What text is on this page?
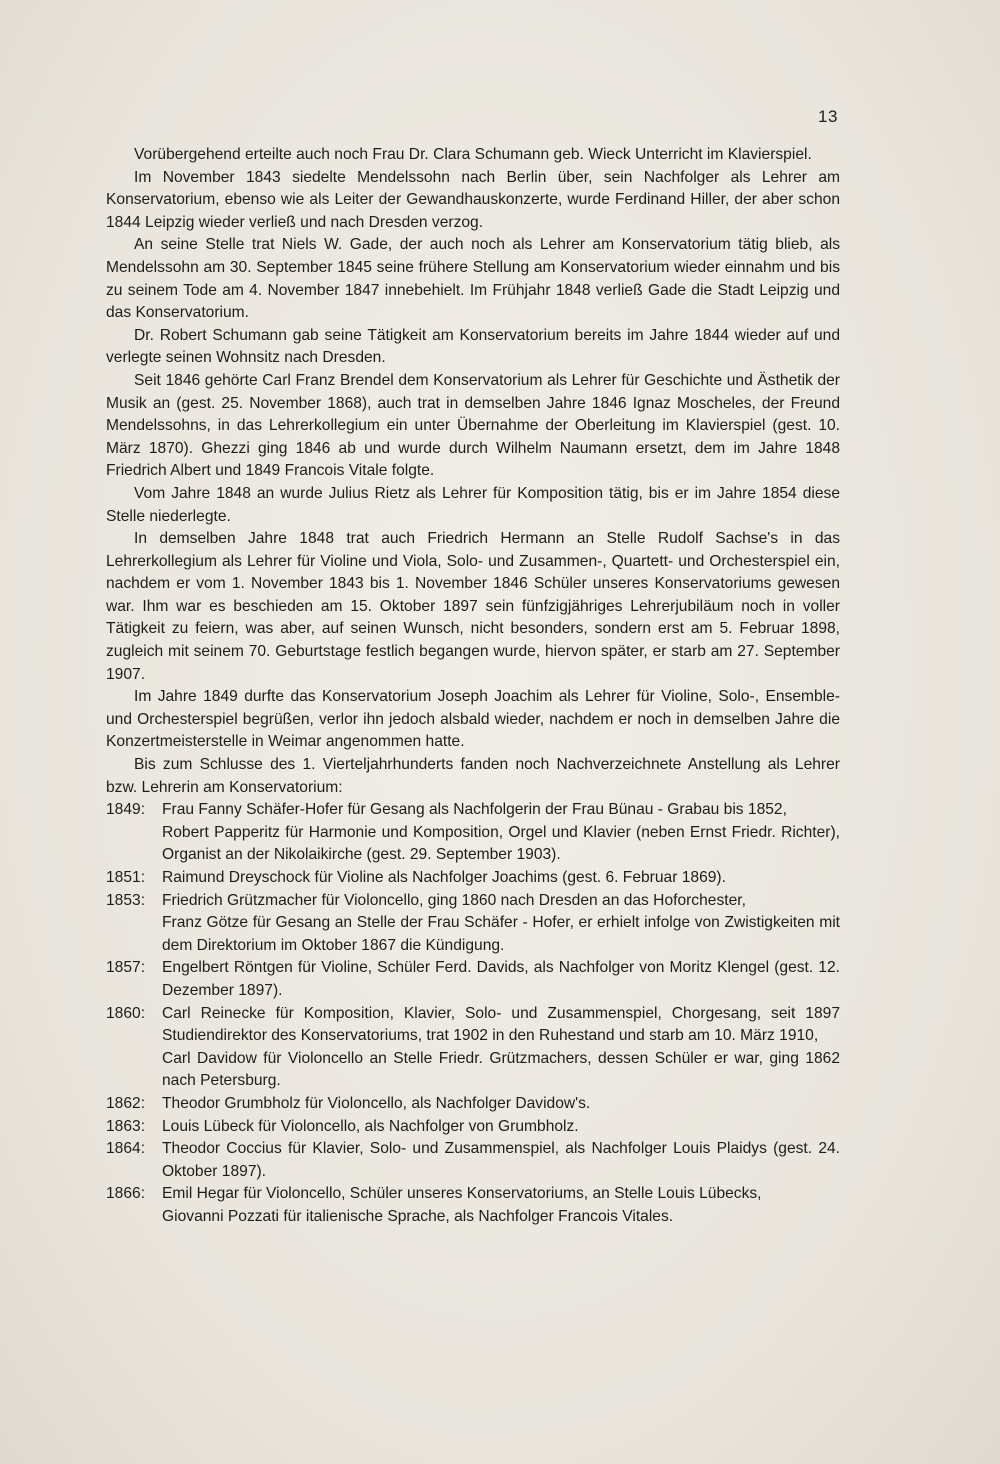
13

Vorübergehend erteilte auch noch Frau Dr. Clara Schumann geb. Wieck Unterricht im Klavierspiel.

Im November 1843 siedelte Mendelssohn nach Berlin über, sein Nachfolger als Lehrer am Konservatorium, ebenso wie als Leiter der Gewandhauskonzerte, wurde Ferdinand Hiller, der aber schon 1844 Leipzig wieder verließ und nach Dresden verzog.

An seine Stelle trat Niels W. Gade, der auch noch als Lehrer am Konservatorium tätig blieb, als Mendelssohn am 30. September 1845 seine frühere Stellung am Konservatorium wieder einnahm und bis zu seinem Tode am 4. November 1847 innebehielt. Im Frühjahr 1848 verließ Gade die Stadt Leipzig und das Konservatorium.

Dr. Robert Schumann gab seine Tätigkeit am Konservatorium bereits im Jahre 1844 wieder auf und verlegte seinen Wohnsitz nach Dresden.

Seit 1846 gehörte Carl Franz Brendel dem Konservatorium als Lehrer für Geschichte und Ästhetik der Musik an (gest. 25. November 1868), auch trat in demselben Jahre 1846 Ignaz Moscheles, der Freund Mendelssohns, in das Lehrerkollegium ein unter Übernahme der Oberleitung im Klavierspiel (gest. 10. März 1870). Ghezzi ging 1846 ab und wurde durch Wilhelm Naumann ersetzt, dem im Jahre 1848 Friedrich Albert und 1849 Francois Vitale folgte.

Vom Jahre 1848 an wurde Julius Rietz als Lehrer für Komposition tätig, bis er im Jahre 1854 diese Stelle niederlegte.

In demselben Jahre 1848 trat auch Friedrich Hermann an Stelle Rudolf Sachse's in das Lehrerkollegium als Lehrer für Violine und Viola, Solo- und Zusammen-, Quartett- und Orchesterspiel ein, nachdem er vom 1. November 1843 bis 1. November 1846 Schüler unseres Konservatoriums gewesen war. Ihm war es beschieden am 15. Oktober 1897 sein fünfzigjähriges Lehrerjubiläum noch in voller Tätigkeit zu feiern, was aber, auf seinen Wunsch, nicht besonders, sondern erst am 5. Februar 1898, zugleich mit seinem 70. Geburtstage festlich begangen wurde, hiervon später, er starb am 27. September 1907.

Im Jahre 1849 durfte das Konservatorium Joseph Joachim als Lehrer für Violine, Solo-, Ensemble- und Orchesterspiel begrüßen, verlor ihn jedoch alsbald wieder, nachdem er noch in demselben Jahre die Konzertmeisterstelle in Weimar angenommen hatte.

Bis zum Schlusse des 1. Vierteljahrhunderts fanden noch Nachverzeichnete Anstellung als Lehrer bzw. Lehrerin am Konservatorium:

1849:	Frau Fanny Schäfer-Hofer für Gesang als Nachfolgerin der Frau Bünau - Grabau bis 1852,

Robert Papperitz für Harmonie und Komposition, Orgel und Klavier (neben Ernst Friedr. Richter), Organist an der Nikolaikirche (gest. 29. September 1903).

1851:	Raimund Dreyschock für Violine als Nachfolger Joachims (gest. 6. Februar 1869).

1853:	Friedrich Grützmacher für Violoncello, ging 1860 nach Dresden an das Hoforchester,

Franz Götze für Gesang an Stelle der Frau Schäfer - Hofer, er erhielt infolge von Zwistigkeiten mit dem Direktorium im Oktober 1867 die Kündigung.

1857:	Engelbert Röntgen für Violine, Schüler Ferd. Davids, als Nachfolger von Moritz Klengel (gest. 12. Dezember 1897).

1860:	Carl Reinecke für Komposition, Klavier, Solo- und Zusammenspiel, Chorgesang, seit 1897 Studiendirektor des Konservatoriums, trat 1902 in den Ruhestand und starb am 10. März 1910,

Carl Davidow für Violoncello an Stelle Friedr. Grützmachers, dessen Schüler er war, ging 1862 nach Petersburg.

1862:	Theodor Grumbholz für Violoncello, als Nachfolger Davidow's.

1863:	Louis Lübeck für Violoncello, als Nachfolger von Grumbholz.

1864:	Theodor Coccius für Klavier, Solo- und Zusammenspiel, als Nachfolger Louis Plaidys (gest. 24. Oktober 1897).

1866:	Emil Hegar für Violoncello, Schüler unseres Konservatoriums, an Stelle Louis Lübecks,

Giovanni Pozzati für italienische Sprache, als Nachfolger Francois Vitales.
